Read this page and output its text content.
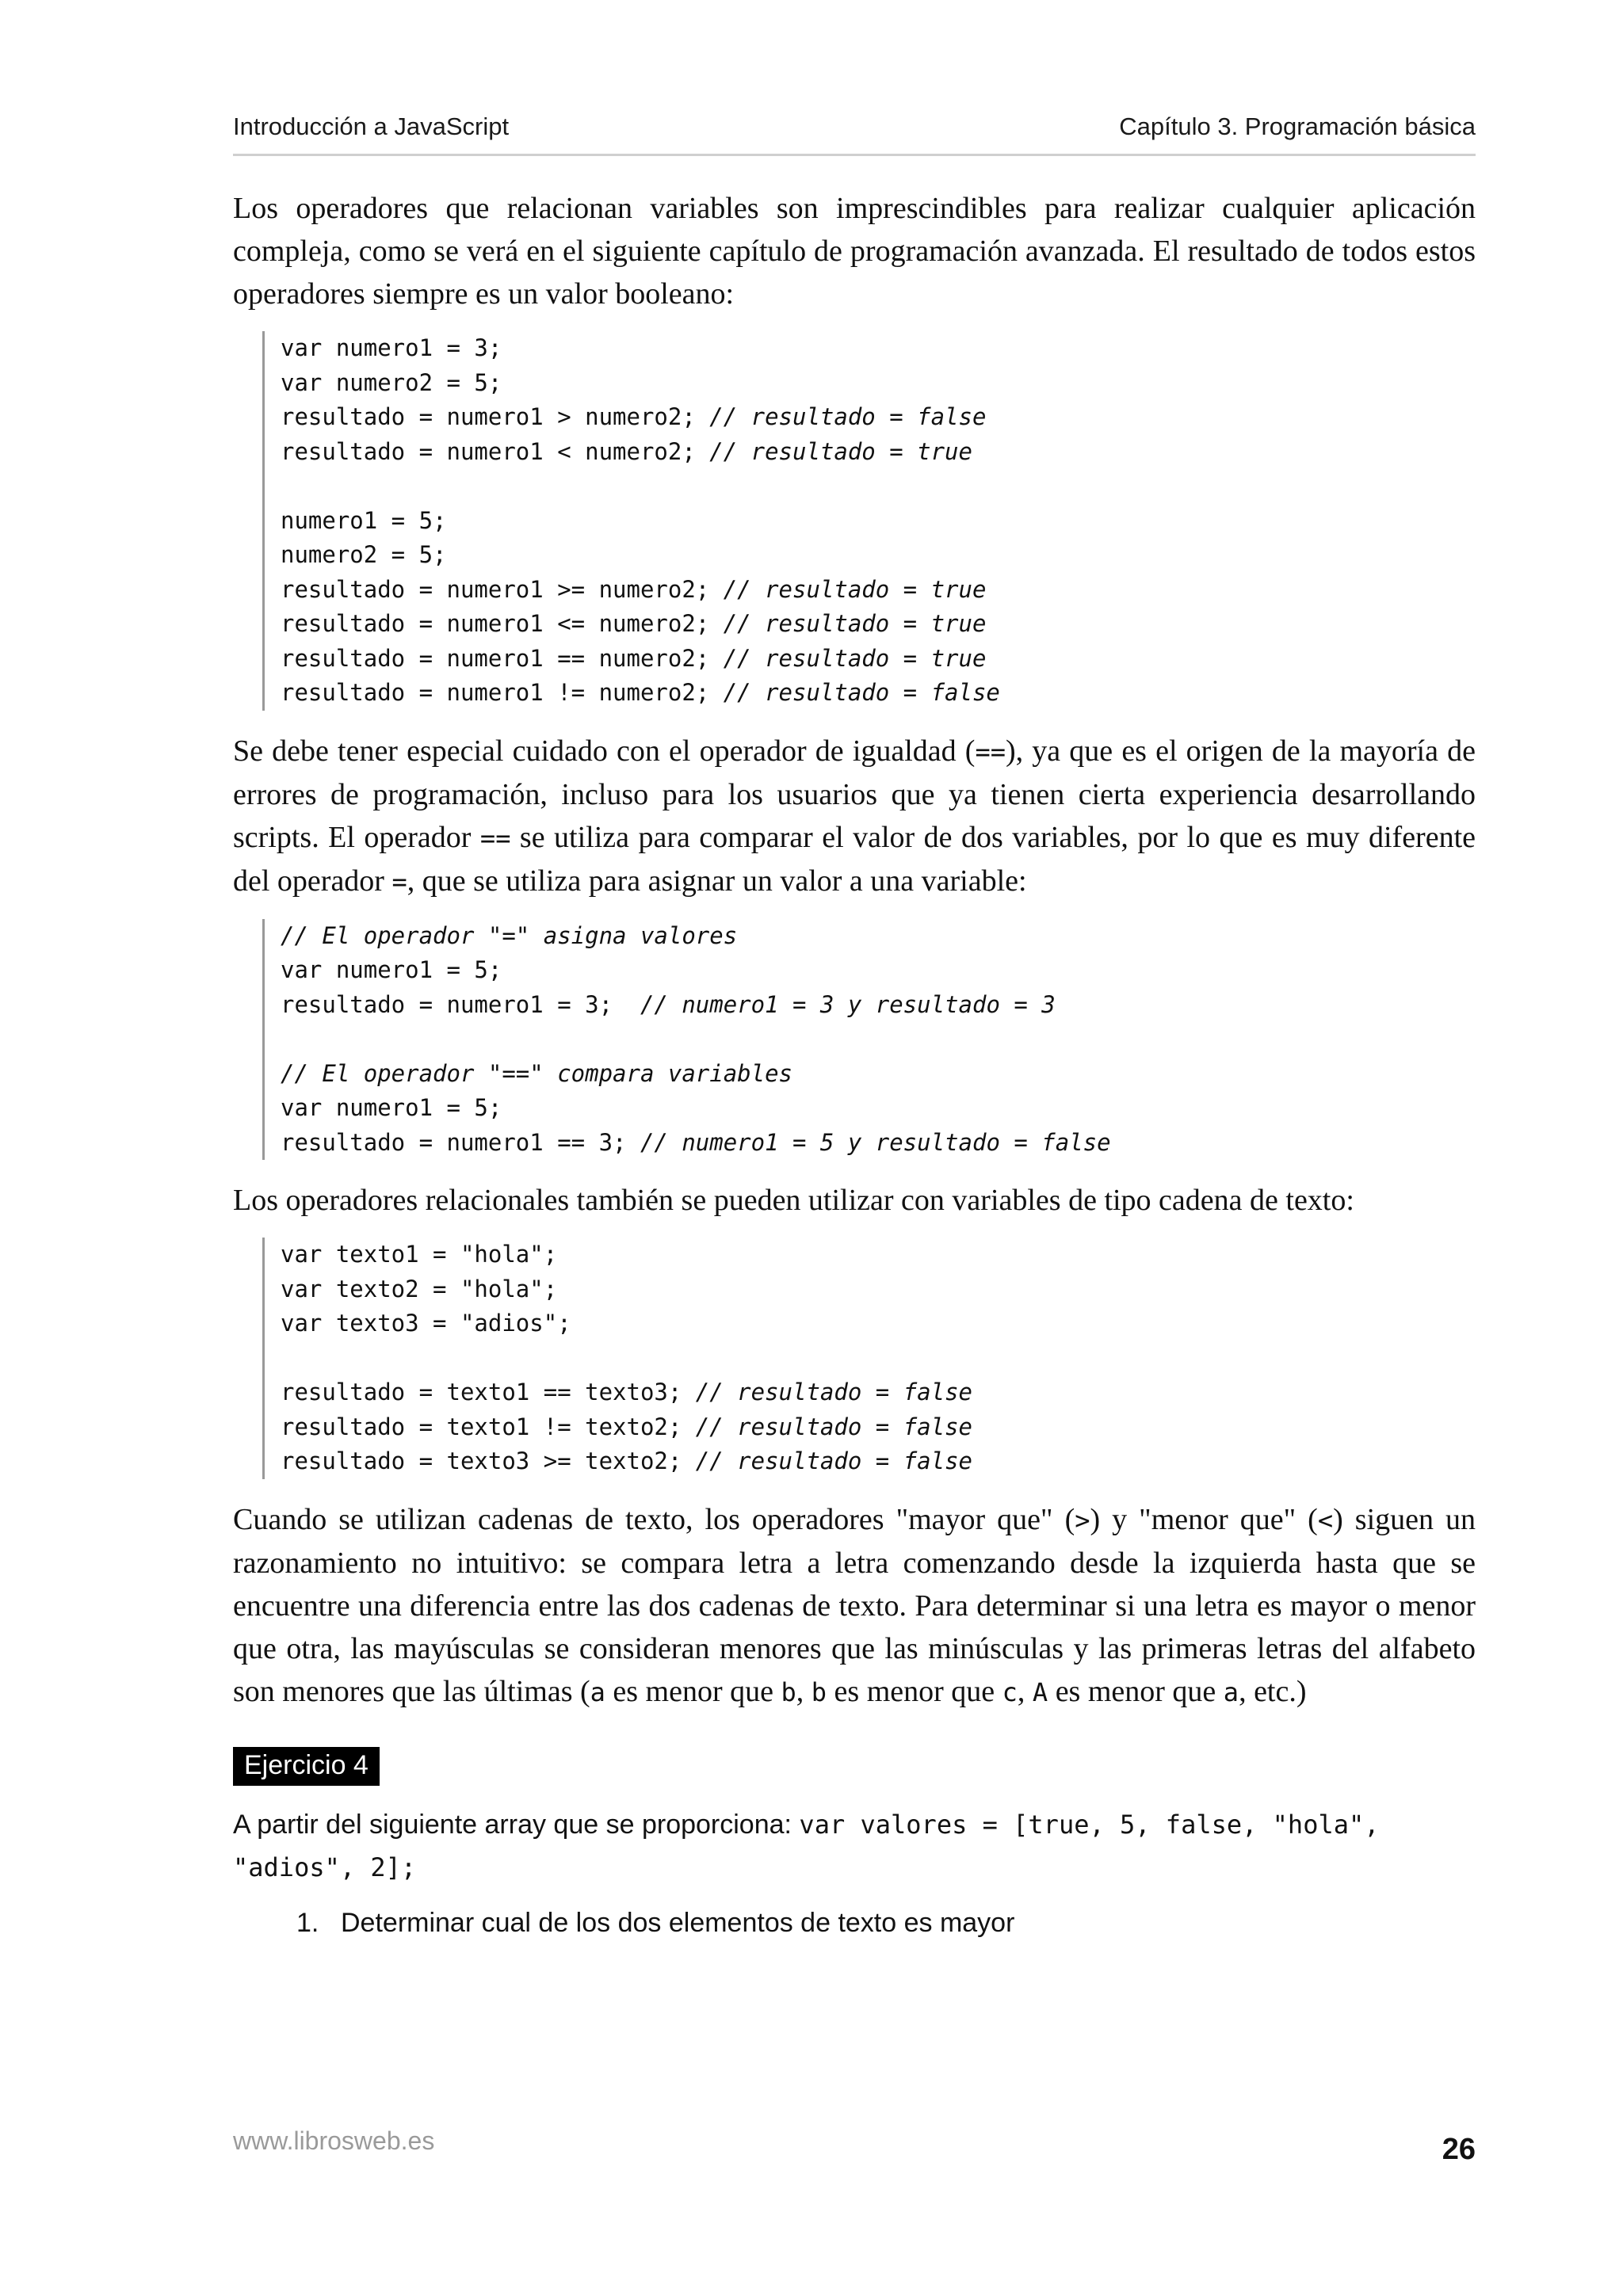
Introducción a JavaScript	Capítulo 3. Programación básica

Los operadores que relacionan variables son imprescindibles para realizar cualquier aplicación compleja, como se verá en el siguiente capítulo de programación avanzada. El resultado de todos estos operadores siempre es un valor booleano:

var numero1 = 3;
var numero2 = 5;
resultado = numero1 > numero2; // resultado = false
resultado = numero1 < numero2; // resultado = true
numero1 = 5;
numero2 = 5;
resultado = numero1 >= numero2; // resultado = true
resultado = numero1 <= numero2; // resultado = true
resultado = numero1 == numero2; // resultado = true
resultado = numero1 != numero2; // resultado = false

Se debe tener especial cuidado con el operador de igualdad (==), ya que es el origen de la mayoría de errores de programación, incluso para los usuarios que ya tienen cierta experiencia desarrollando scripts. El operador == se utiliza para comparar el valor de dos variables, por lo que es muy diferente del operador =, que se utiliza para asignar un valor a una variable:

// El operador "=" asigna valores
var numero1 = 5;
resultado = numero1 = 3;  // numero1 = 3 y resultado = 3
// El operador "==" compara variables
var numero1 = 5;
resultado = numero1 == 3; // numero1 = 5 y resultado = false

Los operadores relacionales también se pueden utilizar con variables de tipo cadena de texto:

var texto1 = "hola";
var texto2 = "hola";
var texto3 = "adios";
resultado = texto1 == texto3; // resultado = false
resultado = texto1 != texto2; // resultado = false
resultado = texto3 >= texto2; // resultado = false

Cuando se utilizan cadenas de texto, los operadores "mayor que" (>) y "menor que" (<) siguen un razonamiento no intuitivo: se compara letra a letra comenzando desde la izquierda hasta que se encuentre una diferencia entre las dos cadenas de texto. Para determinar si una letra es mayor o menor que otra, las mayúsculas se consideran menores que las minúsculas y las primeras letras del alfabeto son menores que las últimas (a es menor que b, b es menor que c, A es menor que a, etc.)

Ejercicio 4

A partir del siguiente array que se proporciona: var valores = [true, 5, false, "hola", "adios", 2];

1. Determinar cual de los dos elementos de texto es mayor
www.librosweb.es	26
